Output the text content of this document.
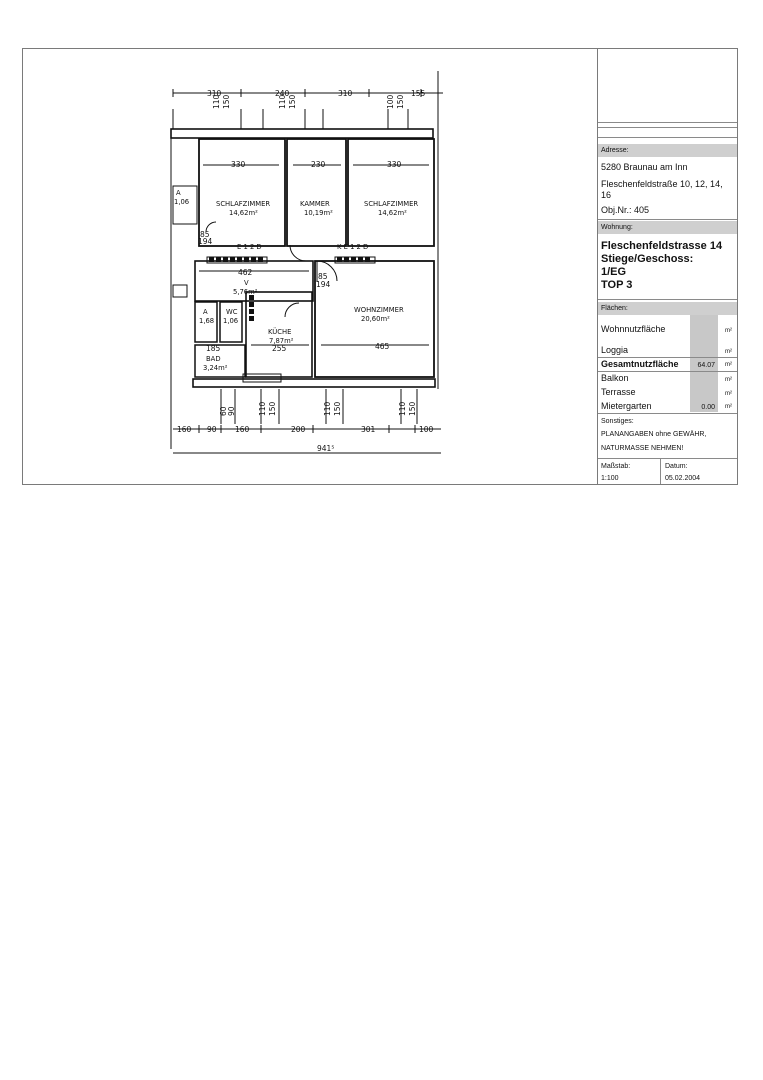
310	240	310	155
110 150	110 150	100 150
330	230	330
SCHLAFZIMMER
14,62m²
KAMMER
10,19m²
SCHLAFZIMMER
14,62m²
E 1 2 D	K E 1 2 D
85
194
85
194
462
V
5,76m²
WOHNZIMMER
20,60m²
465
KÜCHE
7,87m²
255
A
1,68
WC
1,06
A
1,06
185
BAD
3,24m²
60 90	110 150	110 150	110 150
160 90 160	200	301	100
941⁵
Adresse:
5280 Braunau am Inn
Fleschenfeldstraße 10, 12, 14,
16
Obj.Nr.: 405
Wohnung:
Fleschenfeldstrasse 14
Stiege/Geschoss:
1/EG
TOP 3
Flächen:
Wohnnutzfläche	m²
Loggia	m²
Gesamtnutzfläche	64.07 m²
Balkon	m²
Terrasse	m²
Mietergarten	0.00 m²
Sonstiges:
PLANANGABEN ohne GEWÄHR,
NATURMASSE NEHMEN!
Maßstab:
1:100
Datum:
05.02.2004
